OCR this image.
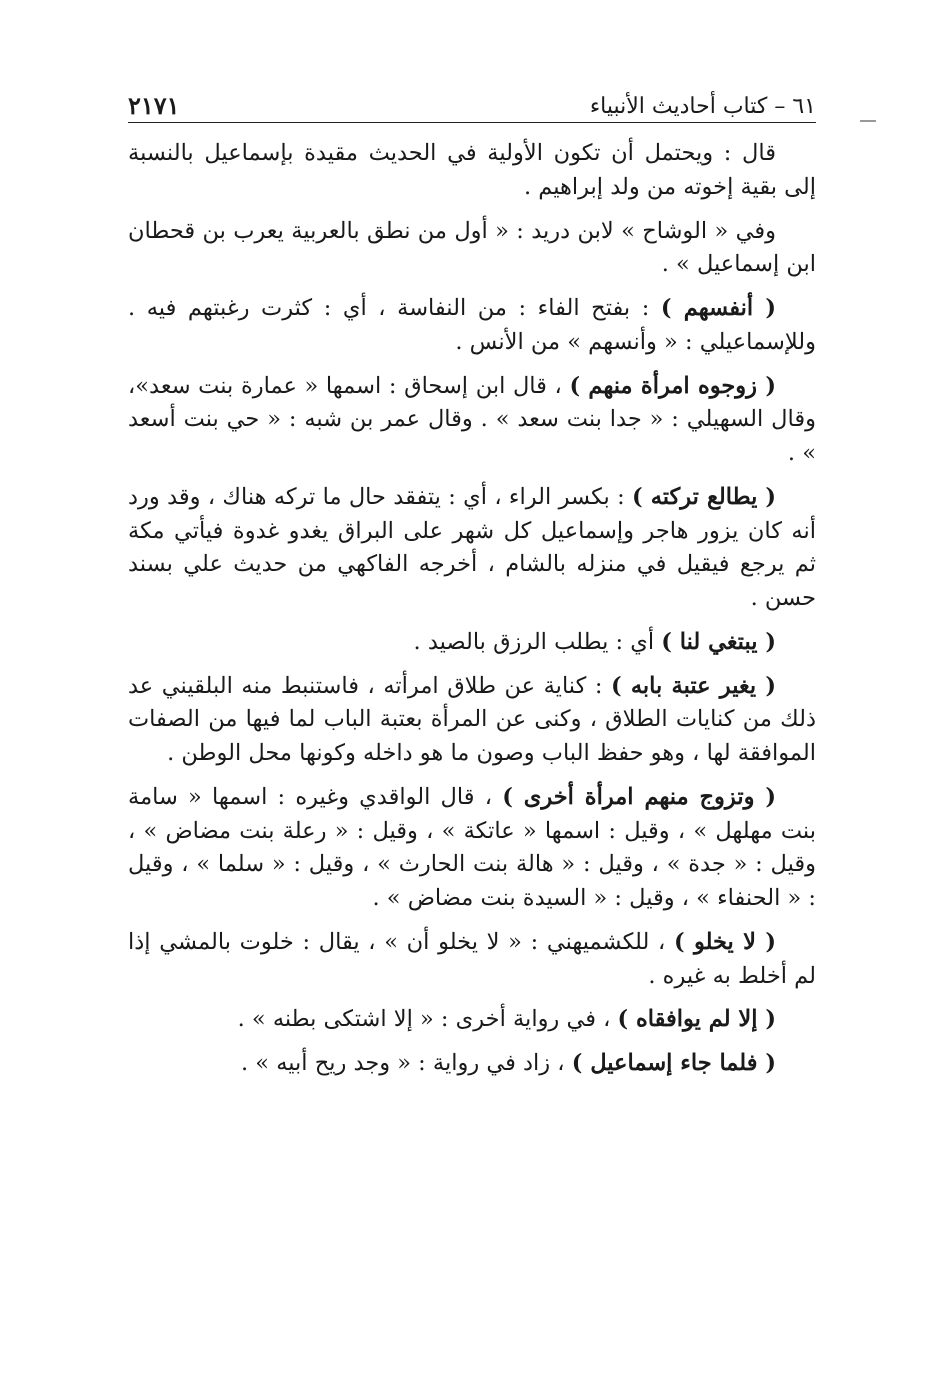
٦١ – كتاب أحاديث الأنبياء
٢١٧١

قال : ويحتمل أن تكون الأولية في الحديث مقيدة بإسماعيل بالنسبة إلى بقية إخوته من ولد إبراهيم .

وفي « الوشاح » لابن دريد : « أول من نطق بالعربية يعرب بن قحطان ابن إسماعيل » .

( أنفسهم ) : بفتح الفاء : من النفاسة ، أي : كثرت رغبتهم فيه . وللإسماعيلي : « وأنسهم » من الأنس .

( زوجوه امرأة منهم ) ، قال ابن إسحاق : اسمها « عمارة بنت سعد»، وقال السهيلي : « جدا بنت سعد » . وقال عمر بن شبه : « حي بنت أسعد » .

( يطالع تركته ) : بكسر الراء ، أي : يتفقد حال ما تركه هناك ، وقد ورد أنه كان يزور هاجر وإسماعيل كل شهر على البراق يغدو غدوة فيأتي مكة ثم يرجع فيقيل في منزله بالشام ، أخرجه الفاكهي من حديث علي بسند حسن .

( يبتغي لنا ) أي : يطلب الرزق بالصيد .

( يغير عتبة بابه ) : كناية عن طلاق امرأته ، فاستنبط منه البلقيني عد ذلك من كنايات الطلاق ، وكنى عن المرأة بعتبة الباب لما فيها من الصفات الموافقة لها ، وهو حفظ الباب وصون ما هو داخله وكونها محل الوطن .

( وتزوج منهم امرأة أخرى ) ، قال الواقدي وغيره : اسمها « سامة بنت مهلهل » ، وقيل : اسمها « عاتكة » ، وقيل : « رعلة بنت مضاض » ، وقيل : « جدة » ، وقيل : « هالة بنت الحارث » ، وقيل : « سلما » ، وقيل : « الحنفاء » ، وقيل : « السيدة بنت مضاض » .

( لا يخلو ) ، للكشميهني : « لا يخلو أن » ، يقال : خلوت بالمشي إذا لم أخلط به غيره .

( إلا لم يوافقاه ) ، في رواية أخرى : « إلا اشتكى بطنه » .

( فلما جاء إسماعيل ) ، زاد في رواية : « وجد ريح أبيه » .
